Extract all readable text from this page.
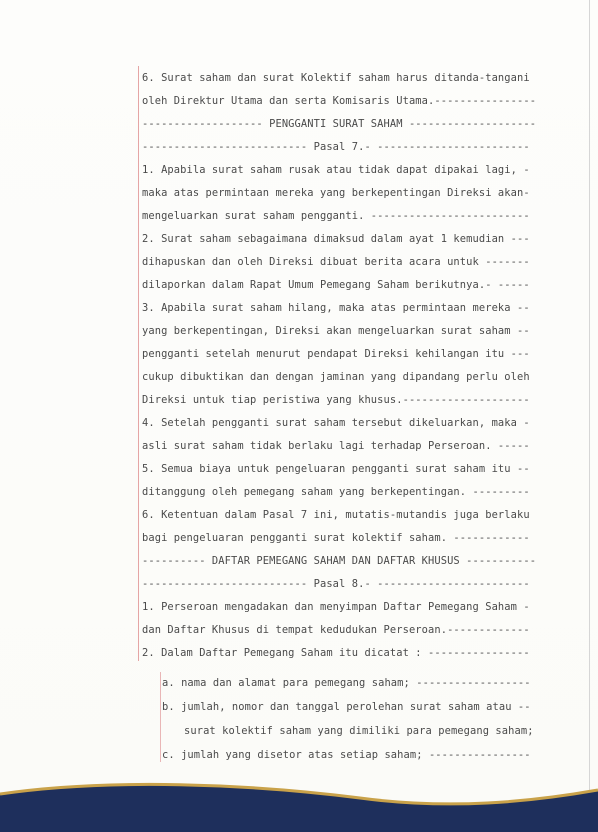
6. Surat saham dan surat Kolektif saham harus ditanda-tangani
oleh Direktur Utama dan serta Komisaris Utama.----------------
------------------- PENGGANTI SURAT SAHAM --------------------
-------------------------- Pasal 7.- ------------------------
1. Apabila surat saham rusak atau tidak dapat dipakai lagi, -
maka atas permintaan mereka yang berkepentingan Direksi akan-
mengeluarkan surat saham pengganti. -------------------------
2. Surat saham sebagaimana dimaksud dalam ayat 1 kemudian ---
dihapuskan dan oleh Direksi dibuat berita acara untuk -------
dilaporkan dalam Rapat Umum Pemegang Saham berikutnya.- -----
3. Apabila surat saham hilang, maka atas permintaan mereka --
yang berkepentingan, Direksi akan mengeluarkan surat saham --
pengganti setelah menurut pendapat Direksi kehilangan itu ---
cukup dibuktikan dan dengan jaminan yang dipandang perlu oleh
Direksi untuk tiap peristiwa yang khusus.--------------------
4. Setelah pengganti surat saham tersebut dikeluarkan, maka -
asli surat saham tidak berlaku lagi terhadap Perseroan. -----
5. Semua biaya untuk pengeluaran pengganti surat saham itu --
ditanggung oleh pemegang saham yang berkepentingan. ---------
6. Ketentuan dalam Pasal 7 ini, mutatis-mutandis juga berlaku
bagi pengeluaran pengganti surat kolektif saham. ------------
---------- DAFTAR PEMEGANG SAHAM DAN DAFTAR KHUSUS -----------
-------------------------- Pasal 8.- ------------------------
1. Perseroan mengadakan dan menyimpan Daftar Pemegang Saham -
dan Daftar Khusus di tempat kedudukan Perseroan.-------------
2. Dalam Daftar Pemegang Saham itu dicatat : ----------------
a. nama dan alamat para pemegang saham; ------------------
b. jumlah, nomor dan tanggal perolehan surat saham atau --
surat kolektif saham yang dimiliki para pemegang saham;
c. jumlah yang disetor atas setiap saham; ----------------
